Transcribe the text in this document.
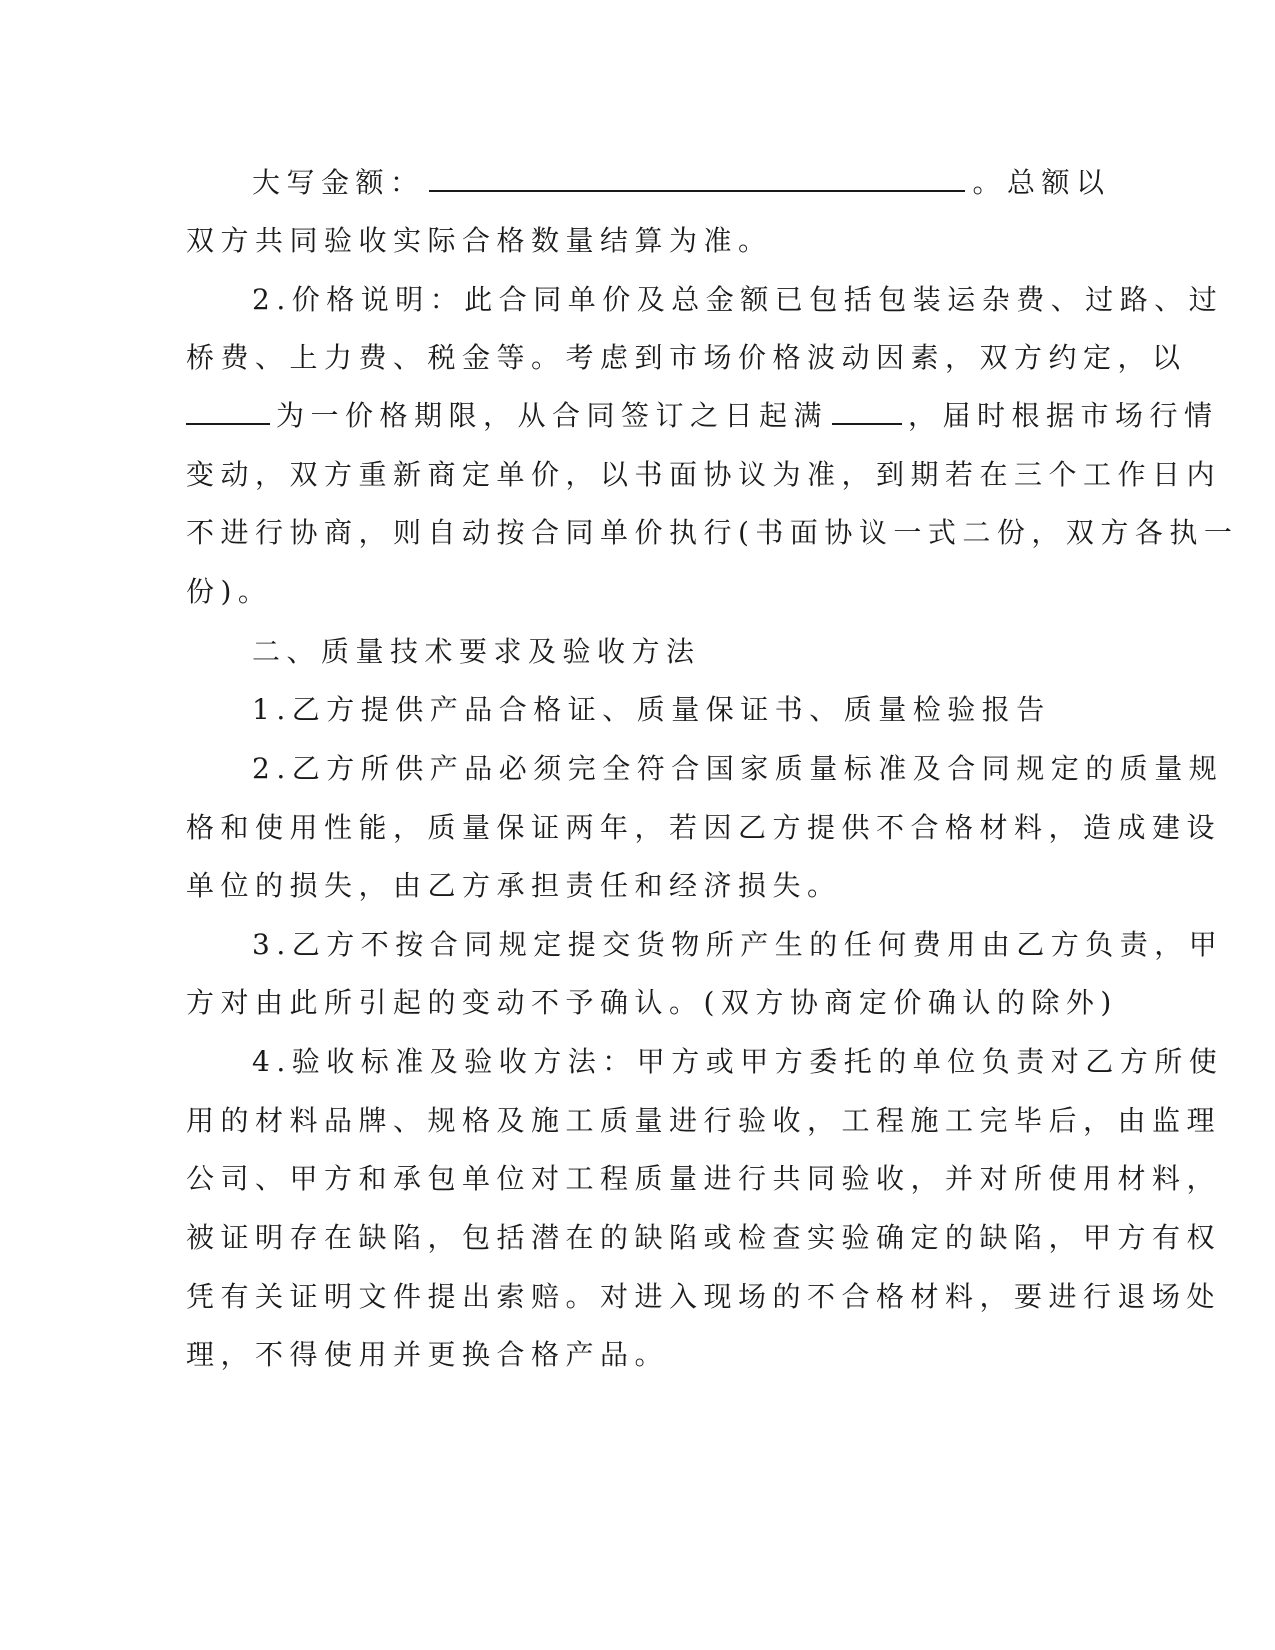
大写金额：	。总额以
双方共同验收实际合格数量结算为准。
2.价格说明：此合同单价及总金额已包括包装运杂费、过路、过
桥费、上力费、税金等。考虑到市场价格波动因素，双方约定，以
为一价格期限，从合同签订之日起满	，届时根据市场行情
变动，双方重新商定单价，以书面协议为准，到期若在三个工作日内
不进行协商，则自动按合同单价执行(书面协议一式二份，双方各执一
份)。
二、质量技术要求及验收方法
1.乙方提供产品合格证、质量保证书、质量检验报告
2.乙方所供产品必须完全符合国家质量标准及合同规定的质量规
格和使用性能，质量保证两年，若因乙方提供不合格材料，造成建设
单位的损失，由乙方承担责任和经济损失。
3.乙方不按合同规定提交货物所产生的任何费用由乙方负责，甲
方对由此所引起的变动不予确认。(双方协商定价确认的除外)
4.验收标准及验收方法：甲方或甲方委托的单位负责对乙方所使
用的材料品牌、规格及施工质量进行验收，工程施工完毕后，由监理
公司、甲方和承包单位对工程质量进行共同验收，并对所使用材料，
被证明存在缺陷，包括潜在的缺陷或检查实验确定的缺陷，甲方有权
凭有关证明文件提出索赔。对进入现场的不合格材料，要进行退场处
理，不得使用并更换合格产品。
